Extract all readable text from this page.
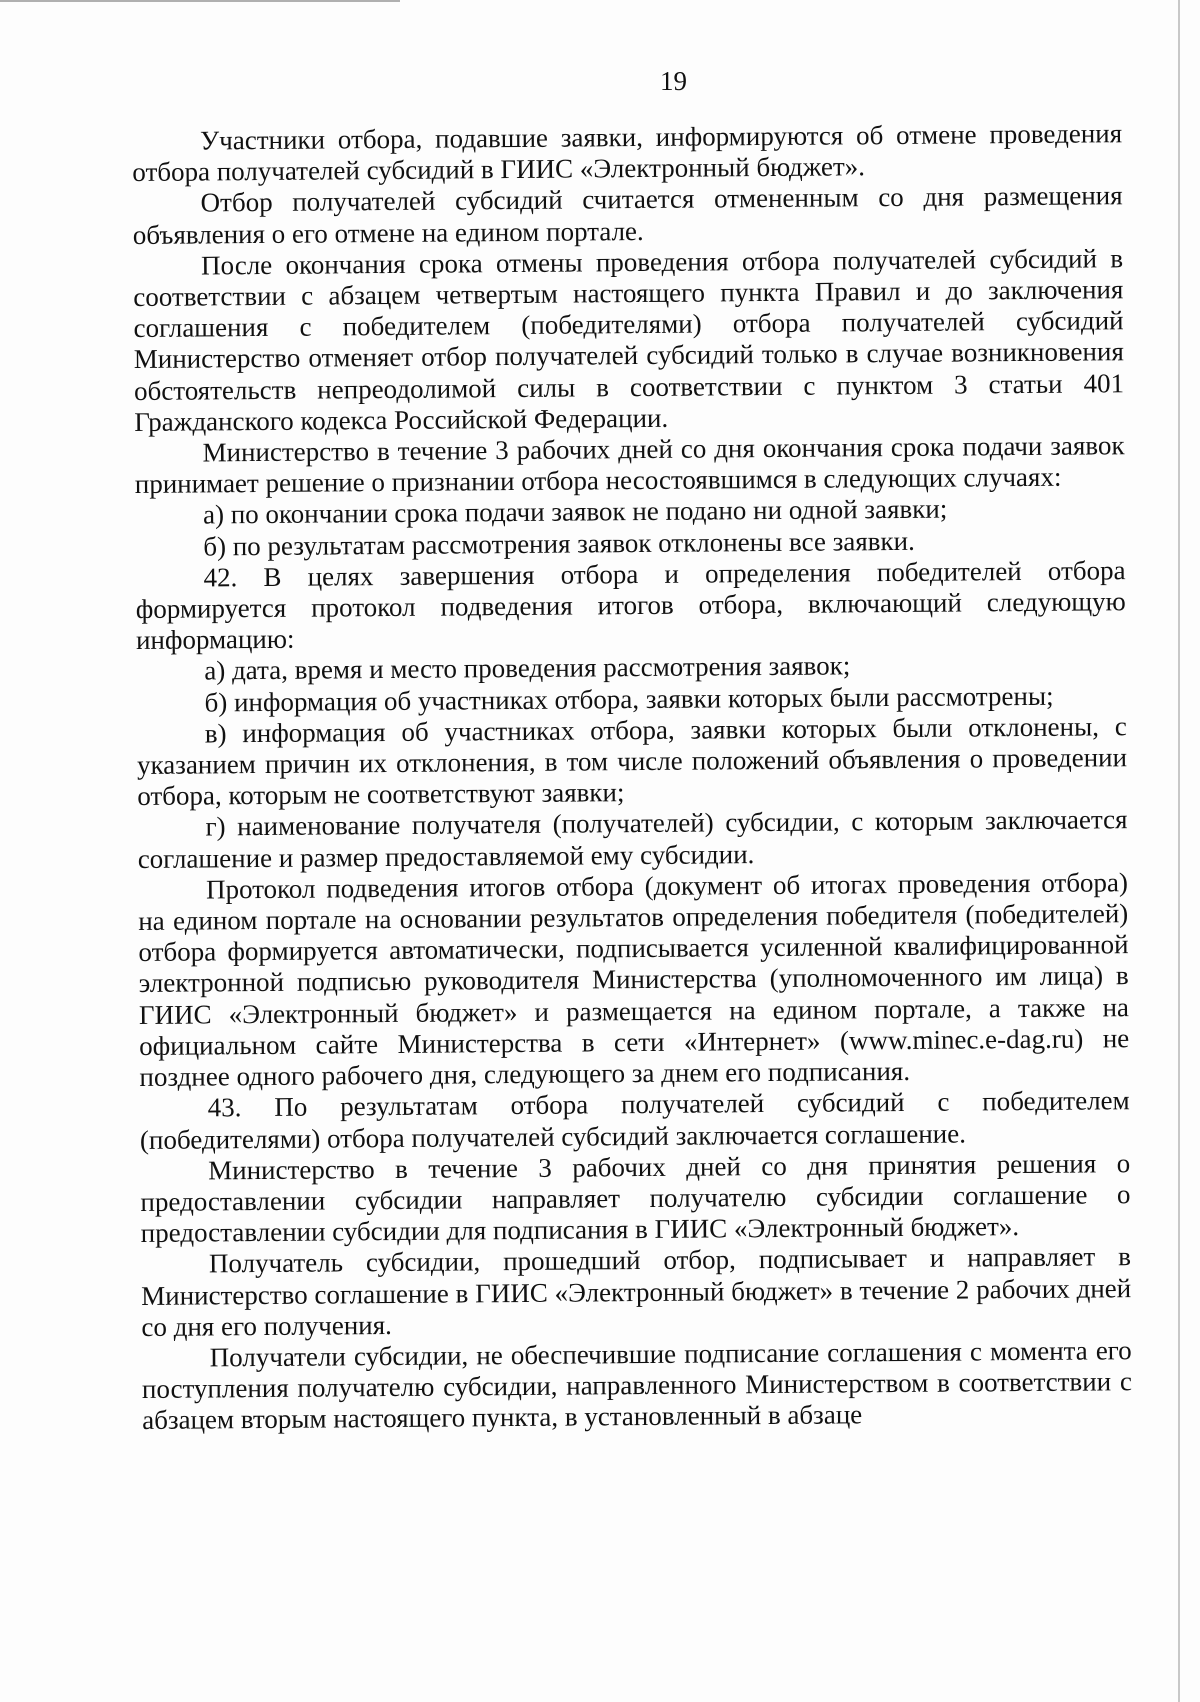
19

Участники отбора, подавшие заявки, информируются об отмене проведения отбора получателей субсидий в ГИИС «Электронный бюджет».

Отбор получателей субсидий считается отмененным со дня размещения объявления о его отмене на едином портале.

После окончания срока отмены проведения отбора получателей субсидий в соответствии с абзацем четвертым настоящего пункта Правил и до заключения соглашения с победителем (победителями) отбора получателей субсидий Министерство отменяет отбор получателей субсидий только в случае возникновения обстоятельств непреодолимой силы в соответствии с пунктом 3 статьи 401 Гражданского кодекса Российской Федерации.

Министерство в течение 3 рабочих дней со дня окончания срока подачи заявок принимает решение о признании отбора несостоявшимся в следующих случаях:

а) по окончании срока подачи заявок не подано ни одной заявки;

б) по результатам рассмотрения заявок отклонены все заявки.

42. В целях завершения отбора и определения победителей отбора формируется протокол подведения итогов отбора, включающий следующую информацию:

а) дата, время и место проведения рассмотрения заявок;

б) информация об участниках отбора, заявки которых были рассмотрены;

в) информация об участниках отбора, заявки которых были отклонены, с указанием причин их отклонения, в том числе положений объявления о проведении отбора, которым не соответствуют заявки;

г) наименование получателя (получателей) субсидии, с которым заключается соглашение и размер предоставляемой ему субсидии.

Протокол подведения итогов отбора (документ об итогах проведения отбора) на едином портале на основании результатов определения победителя (победителей) отбора формируется автоматически, подписывается усиленной квалифицированной электронной подписью руководителя Министерства (уполномоченного им лица) в ГИИС «Электронный бюджет» и размещается на едином портале, а также на официальном сайте Министерства в сети «Интернет» (www.minec.e-dag.ru) не позднее одного рабочего дня, следующего за днем его подписания.

43. По результатам отбора получателей субсидий с победителем (победителями) отбора получателей субсидий заключается соглашение.

Министерство в течение 3 рабочих дней со дня принятия решения о предоставлении субсидии направляет получателю субсидии соглашение о предоставлении субсидии для подписания в ГИИС «Электронный бюджет».

Получатель субсидии, прошедший отбор, подписывает и направляет в Министерство соглашение в ГИИС «Электронный бюджет» в течение 2 рабочих дней со дня его получения.

Получатели субсидии, не обеспечившие подписание соглашения с момента его поступления получателю субсидии, направленного Министерством в соответствии с абзацем вторым настоящего пункта, в установленный в абзаце
